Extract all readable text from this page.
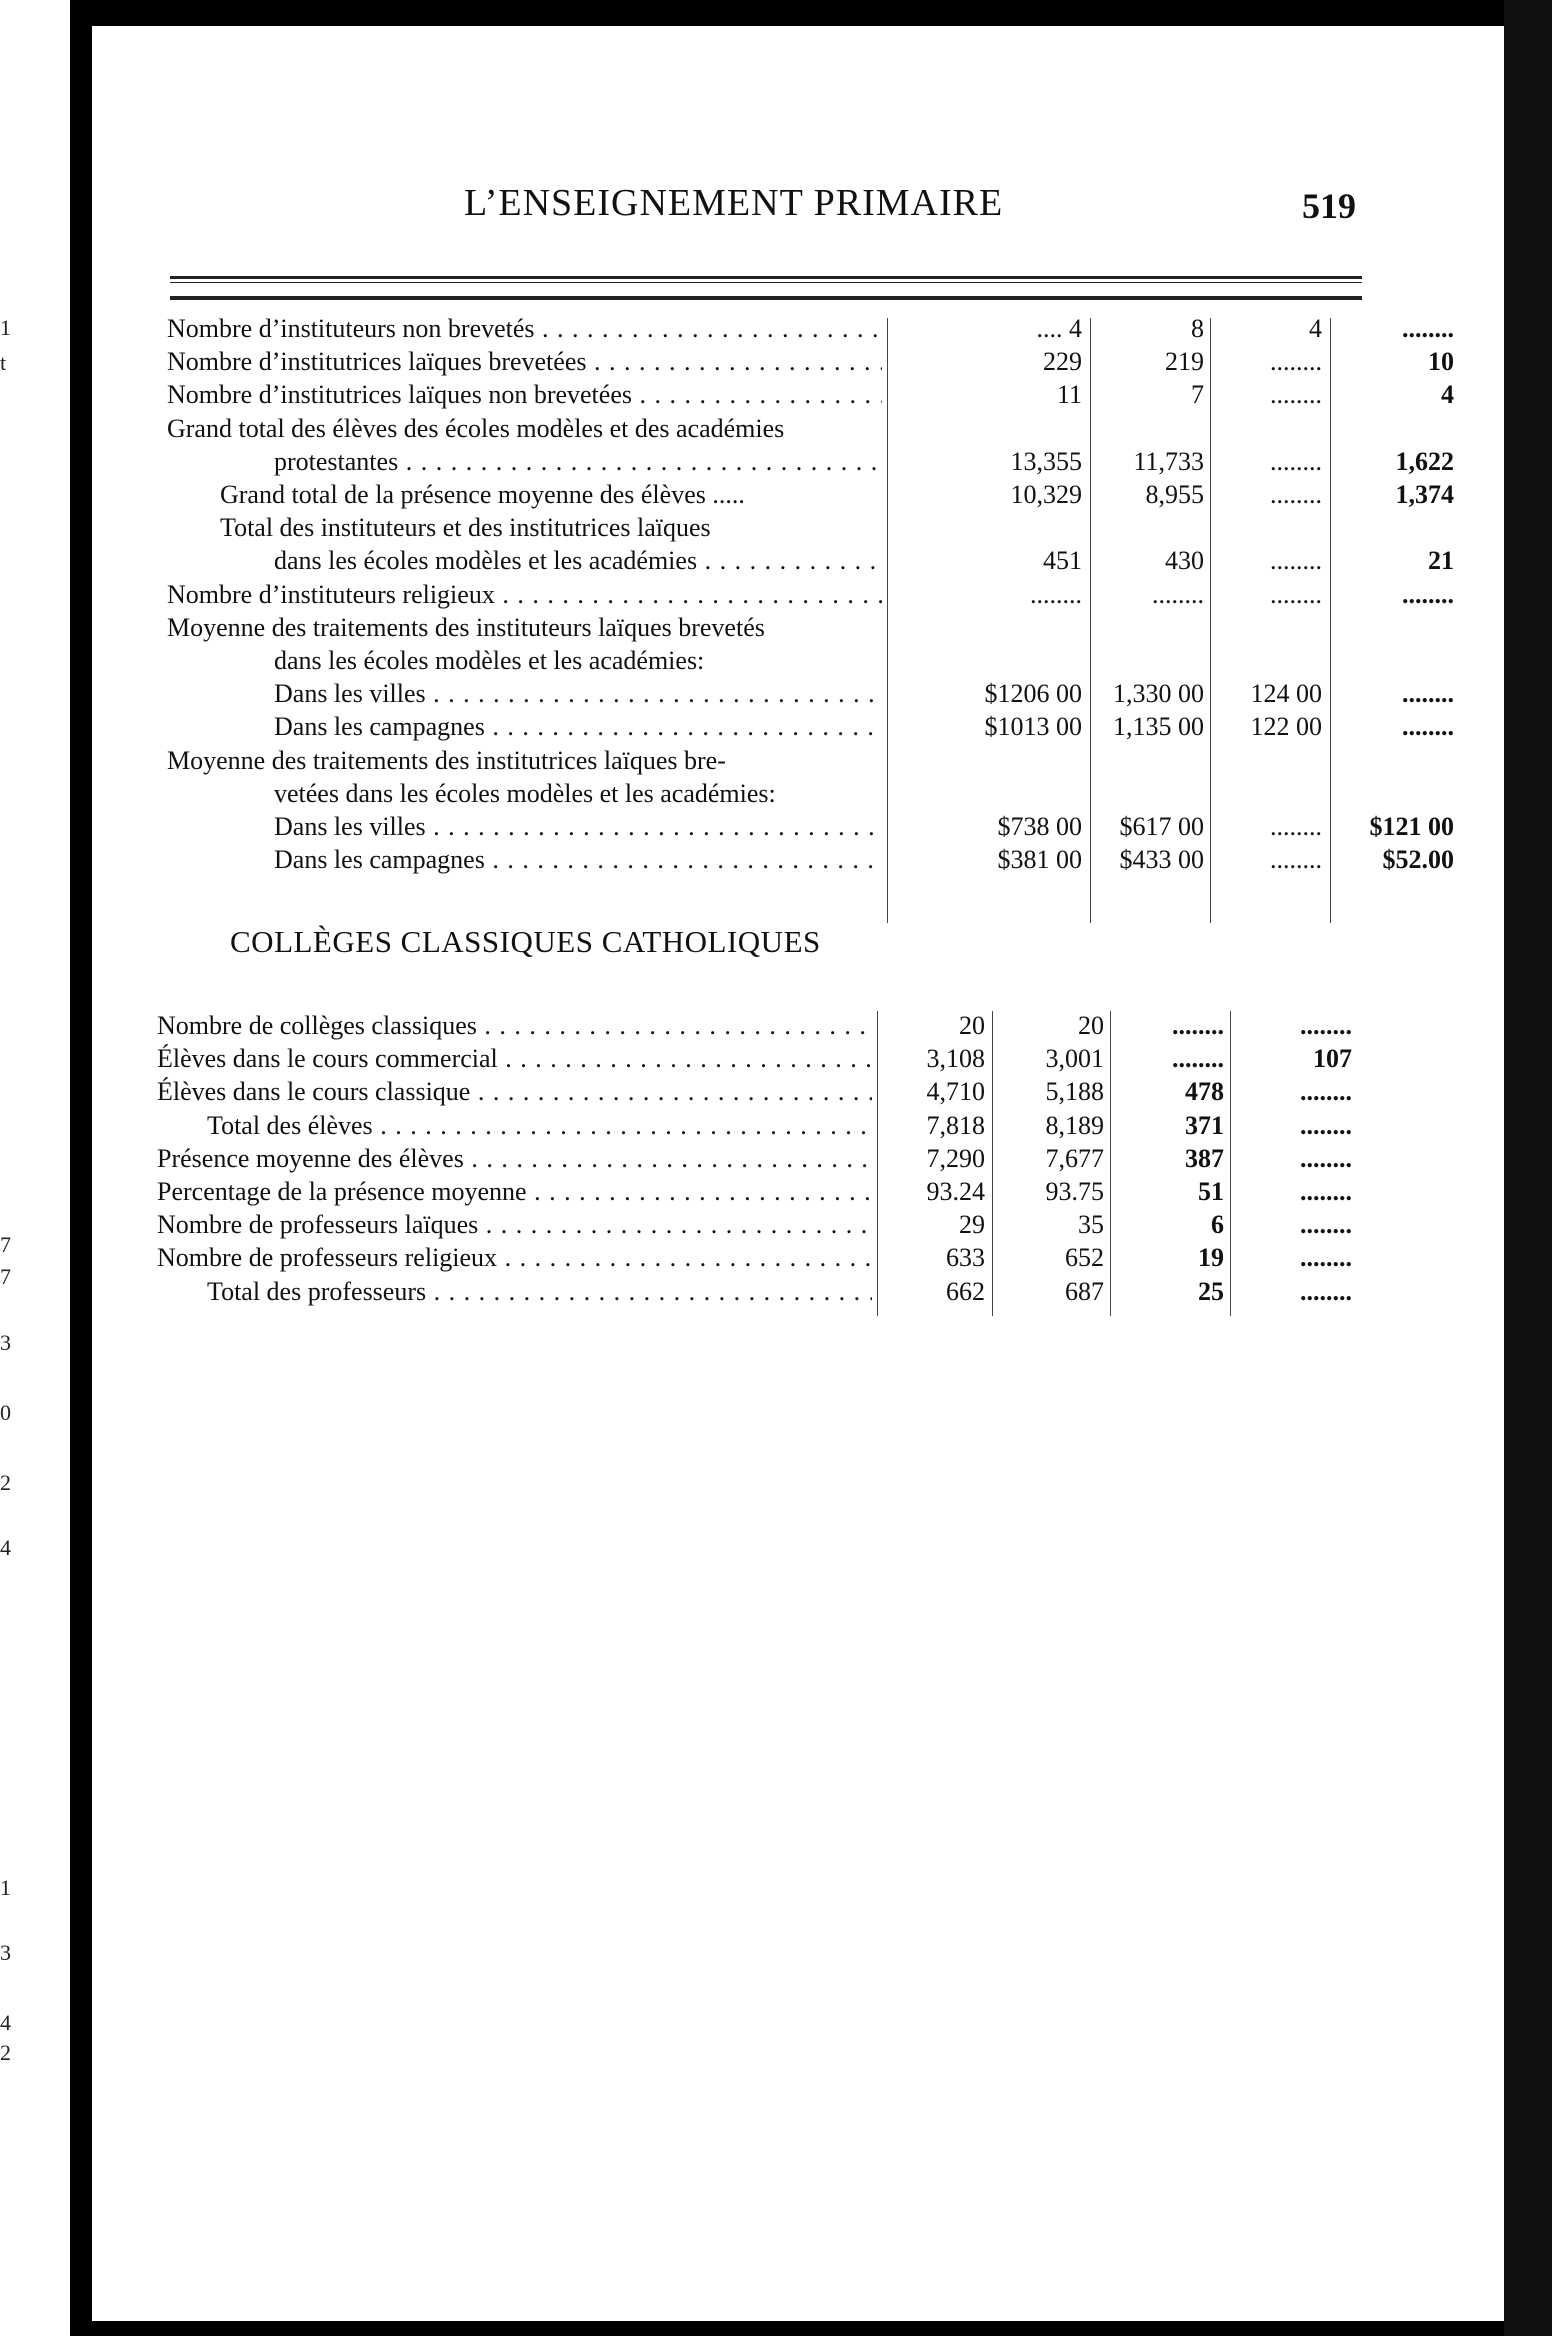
1
t
7
7
3
0
2
4
1
3
4
2
L’ENSEIGNEMENT PRIMAIRE	519
Nombre d’instituteurs non brevetés . . .	.... 4	8	4	........
Nombre d’institutrices laïques brevetées . . .	229	219	........	10
Nombre d’institutrices laïques non brevetées . . .	11	7	........	4
Grand total des élèves des écoles modèles et des académies
protestantes . . .	13,355	11,733	........	1,622
Grand total de la présence moyenne des élèves .....	10,329	8,955	........	1,374
Total des instituteurs et des institutrices laïques
dans les écoles modèles et les académies . . .	451	430	........	21
Nombre d’instituteurs religieux . . .	........	........	........	........
Moyenne des traitements des instituteurs laïques brevetés
dans les écoles modèles et les académies:
Dans les villes . . .	$1206 00	1,330 00	124 00	........
Dans les campagnes . . .	$1013 00	1,135 00	122 00	........
Moyenne des traitements des institutrices laïques bre-
vetées dans les écoles modèles et les académies:
Dans les villes . . .	$738 00	$617 00	........	$121 00
Dans les campagnes . . .	$381 00	$433 00	........	$52.00
COLLÈGES CLASSIQUES CATHOLIQUES
Nombre de collèges classiques . . .	20	20	........	........
Élèves dans le cours commercial . . .	3,108	3,001	........	107
Élèves dans le cours classique . . .	4,710	5,188	478	........
Total des élèves . . .	7,818	8,189	371	........
Présence moyenne des élèves . . .	7,290	7,677	387	........
Percentage de la présence moyenne . . .	93.24	93.75	51	........
Nombre de professeurs laïques . . .	29	35	6	........
Nombre de professeurs religieux . . .	633	652	19	........
Total des professeurs . . .	662	687	25	........
